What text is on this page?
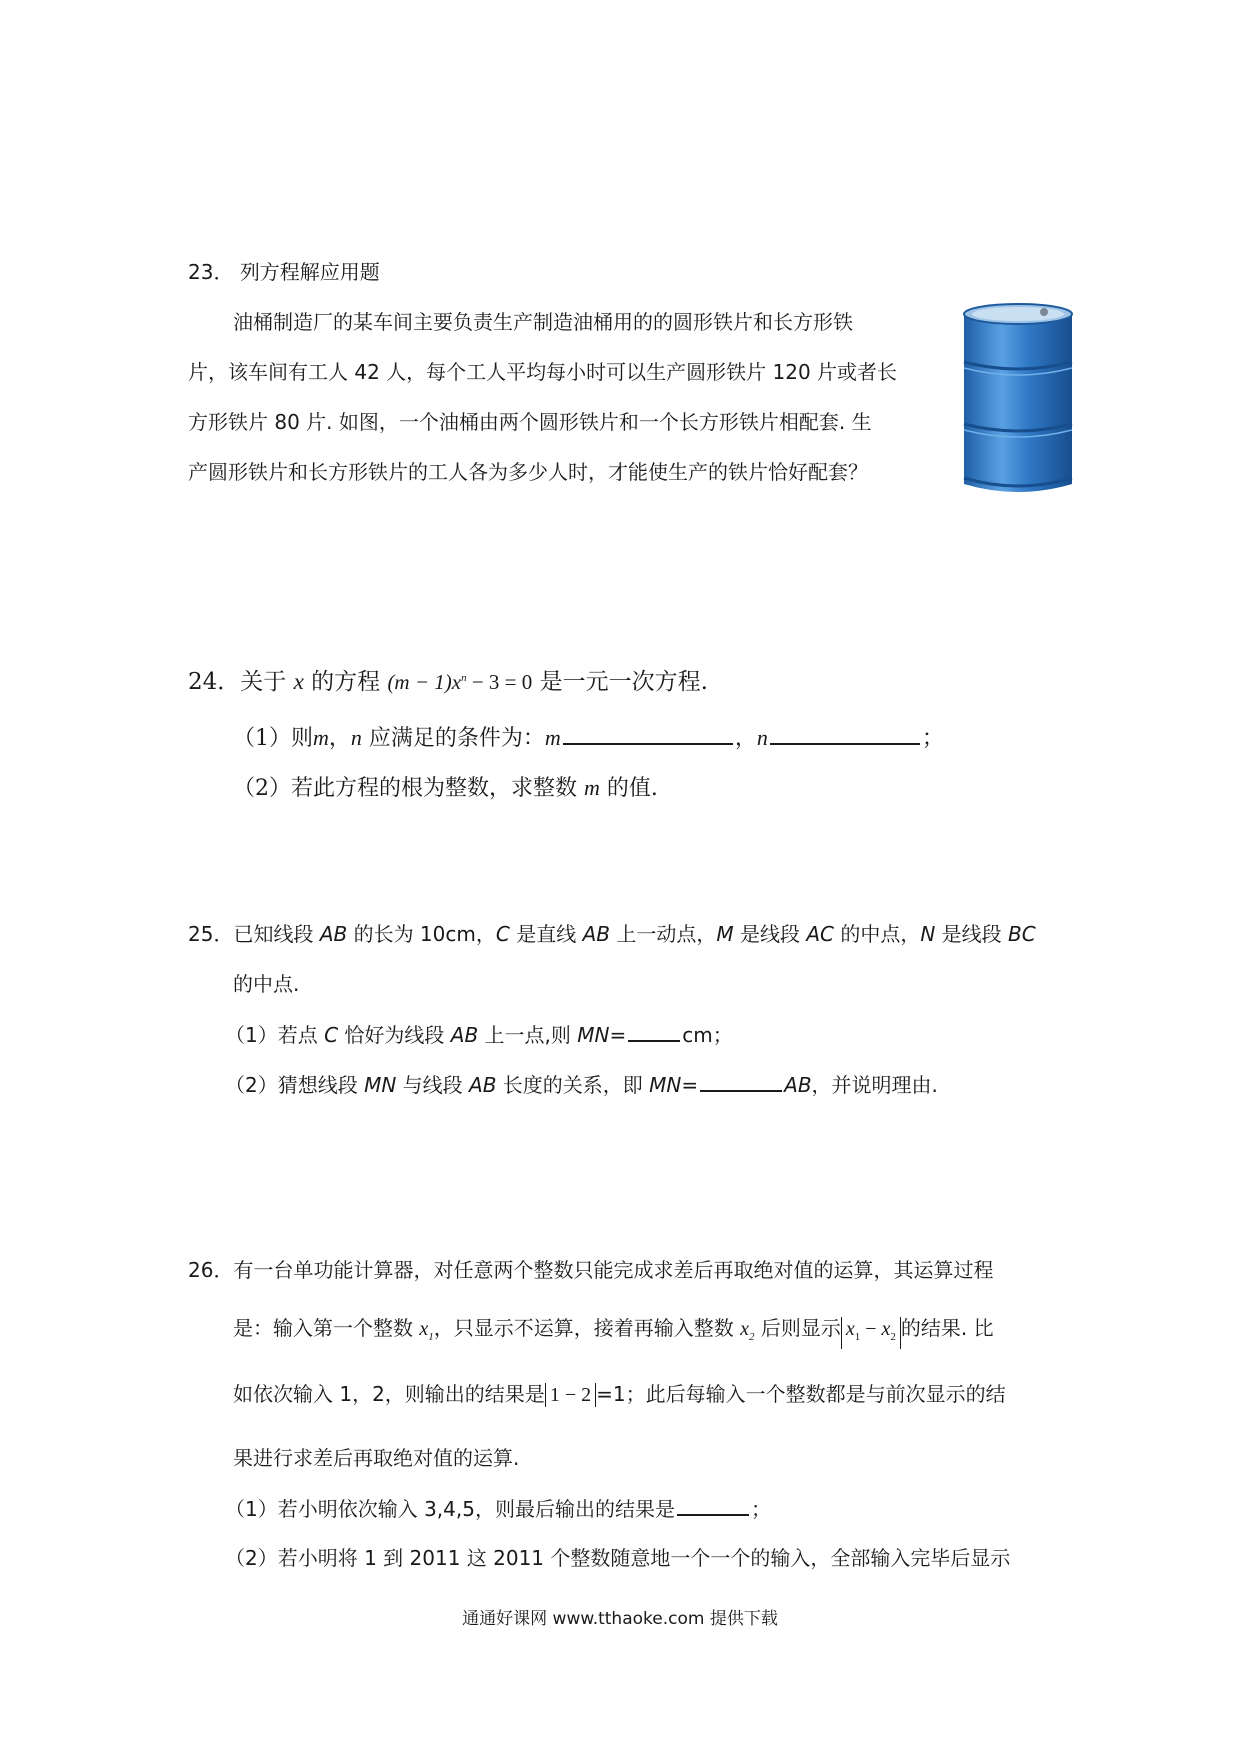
23． 列方程解应用题
油桶制造厂的某车间主要负责生产制造油桶用的的圆形铁片和长方形铁
片，该车间有工人 42 人，每个工人平均每小时可以生产圆形铁片 120 片或者长
方形铁片 80 片. 如图，一个油桶由两个圆形铁片和一个长方形铁片相配套. 生
产圆形铁片和长方形铁片的工人各为多少人时，才能使生产的铁片恰好配套？
24．关于 x 的方程 $(m - 1)x^n - 3 = 0$ 是一元一次方程.
（1）则m，n 应满足的条件为：m	，n	；
（2）若此方程的根为整数，求整数 m 的值.
25．已知线段 AB 的长为 10cm，C 是直线 AB 上一动点，M 是线段 AC 的中点，N 是线段 BC
的中点.
（1）若点 C 恰好为线段 AB 上一点,则 MN=	cm；
（2）猜想线段 MN 与线段 AB 长度的关系，即 MN=	AB，并说明理由.
26．有一台单功能计算器，对任意两个整数只能完成求差后再取绝对值的运算，其运算过程
是：输入第一个整数 $x_1$，只显示不运算，接着再输入整数 $x_2$ 后则显示 $x_1 - x_2$ 的结果. 比
如依次输入 1，2，则输出的结果是 1 − 2 =1；此后每输入一个整数都是与前次显示的结
果进行求差后再取绝对值的运算.
（1）若小明依次输入 3,4,5，则最后输出的结果是	；
（2）若小明将 1 到 2011 这 2011 个整数随意地一个一个的输入，全部输入完毕后显示
通通好课网 www.tthaoke.com 提供下载
